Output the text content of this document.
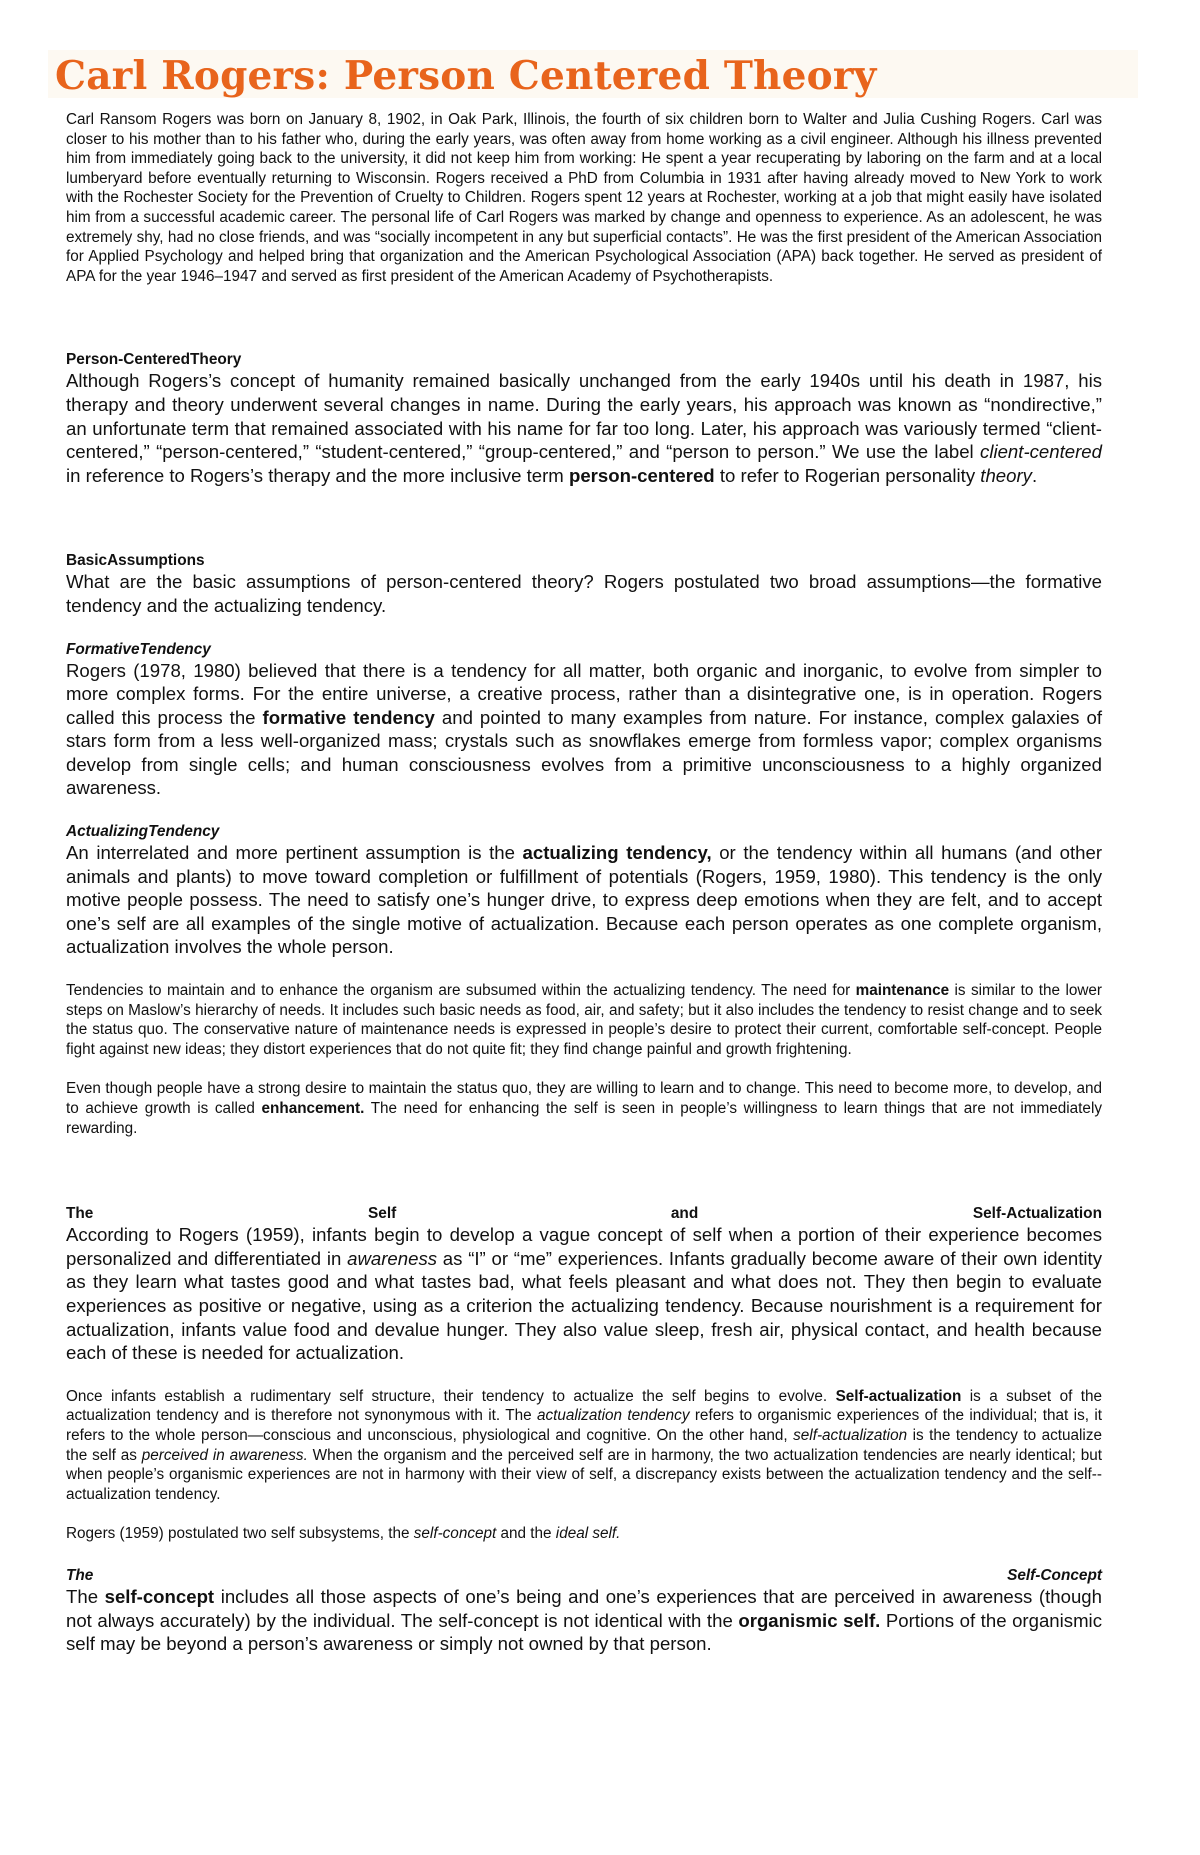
Carl Rogers: Person Centered Theory

Carl Ransom Rogers was born on January 8, 1902, in Oak Park, Illinois, the fourth of six children born to Walter and Julia Cushing Rogers. Carl was closer to his mother than to his father who, during the early years, was often away from home working as a civil engineer. Although his illness prevented him from immediately going back to the university, it did not keep him from working: He spent a year recuperating by laboring on the farm and at a local lumberyard before eventually returning to Wisconsin. Rogers received a PhD from Columbia in 1931 after having already moved to New York to work with the Rochester Society for the Prevention of Cruelty to Children. Rogers spent 12 years at Rochester, working at a job that might easily have isolated him from a successful academic career. The personal life of Carl Rogers was marked by change and openness to experience. As an adolescent, he was extremely shy, had no close friends, and was “socially incompetent in any but superficial contacts”. He was the first president of the American Association for Applied Psychology and helped bring that organization and the American Psychological Association (APA) back together. He served as president of APA for the year 1946–1947 and served as first president of the American Academy of Psychotherapists.

Person-CenteredTheory

Although Rogers’s concept of humanity remained basically unchanged from the early 1940s until his death in 1987, his therapy and theory underwent several changes in name. During the early years, his approach was known as “nondirective,” an unfortunate term that remained associated with his name for far too long. Later, his approach was variously termed “client-centered,” “person-centered,” “student-centered,” “group-centered,” and “person to person.” We use the label client-centered in reference to Rogers’s therapy and the more inclusive term person-centered to refer to Rogerian personality theory.

BasicAssumptions

What are the basic assumptions of person-centered theory? Rogers postulated two broad assumptions—the formative tendency and the actualizing tendency.

FormativeTendency

Rogers (1978, 1980) believed that there is a tendency for all matter, both organic and inorganic, to evolve from simpler to more complex forms. For the entire universe, a creative process, rather than a disintegrative one, is in operation. Rogers called this process the formative tendency and pointed to many examples from nature. For instance, complex galaxies of stars form from a less well-organized mass; crystals such as snowflakes emerge from formless vapor; complex organisms develop from single cells; and human consciousness evolves from a primitive unconsciousness to a highly organized awareness.

ActualizingTendency

An interrelated and more pertinent assumption is the actualizing tendency, or the tendency within all humans (and other animals and plants) to move toward completion or fulfillment of potentials (Rogers, 1959, 1980). This tendency is the only motive people possess. The need to satisfy one’s hunger drive, to express deep emotions when they are felt, and to accept one’s self are all examples of the single motive of actualization. Because each person operates as one complete organism, actualization involves the whole person.

Tendencies to maintain and to enhance the organism are subsumed within the actualizing tendency. The need for maintenance is similar to the lower steps on Maslow’s hierarchy of needs. It includes such basic needs as food, air, and safety; but it also includes the tendency to resist change and to seek the status quo. The conservative nature of maintenance needs is expressed in people’s desire to protect their current, comfortable self-concept. People fight against new ideas; they distort experiences that do not quite fit; they find change painful and growth frightening.

Even though people have a strong desire to maintain the status quo, they are willing to learn and to change. This need to become more, to develop, and to achieve growth is called enhancement. The need for enhancing the self is seen in people’s willingness to learn things that are not immediately rewarding.

The	Self	and	Self-Actualization

According to Rogers (1959), infants begin to develop a vague concept of self when a portion of their experience becomes personalized and differentiated in awareness as “I” or “me” experiences. Infants gradually become aware of their own identity as they learn what tastes good and what tastes bad, what feels pleasant and what does not. They then begin to evaluate experiences as positive or negative, using as a criterion the actualizing tendency. Because nourishment is a requirement for actualization, infants value food and devalue hunger. They also value sleep, fresh air, physical contact, and health because each of these is needed for actualization.

Once infants establish a rudimentary self structure, their tendency to actualize the self begins to evolve. Self-actualization is a subset of the actualization tendency and is therefore not synonymous with it. The actualization tendency refers to organismic experiences of the individual; that is, it refers to the whole person—conscious and unconscious, physiological and cognitive. On the other hand, self-actualization is the tendency to actualize the self as perceived in awareness. When the organism and the perceived self are in harmony, the two actualization tendencies are nearly identical; but when people’s organismic experiences are not in harmony with their view of self, a discrepancy exists between the actualization tendency and the self--actualization tendency.

Rogers (1959) postulated two self subsystems, the self-concept and the ideal self.

The	Self-Concept

The self-concept includes all those aspects of one’s being and one’s experiences that are perceived in awareness (though not always accurately) by the individual. The self-concept is not identical with the organismic self. Portions of the organismic self may be beyond a person’s awareness or simply not owned by that person.
